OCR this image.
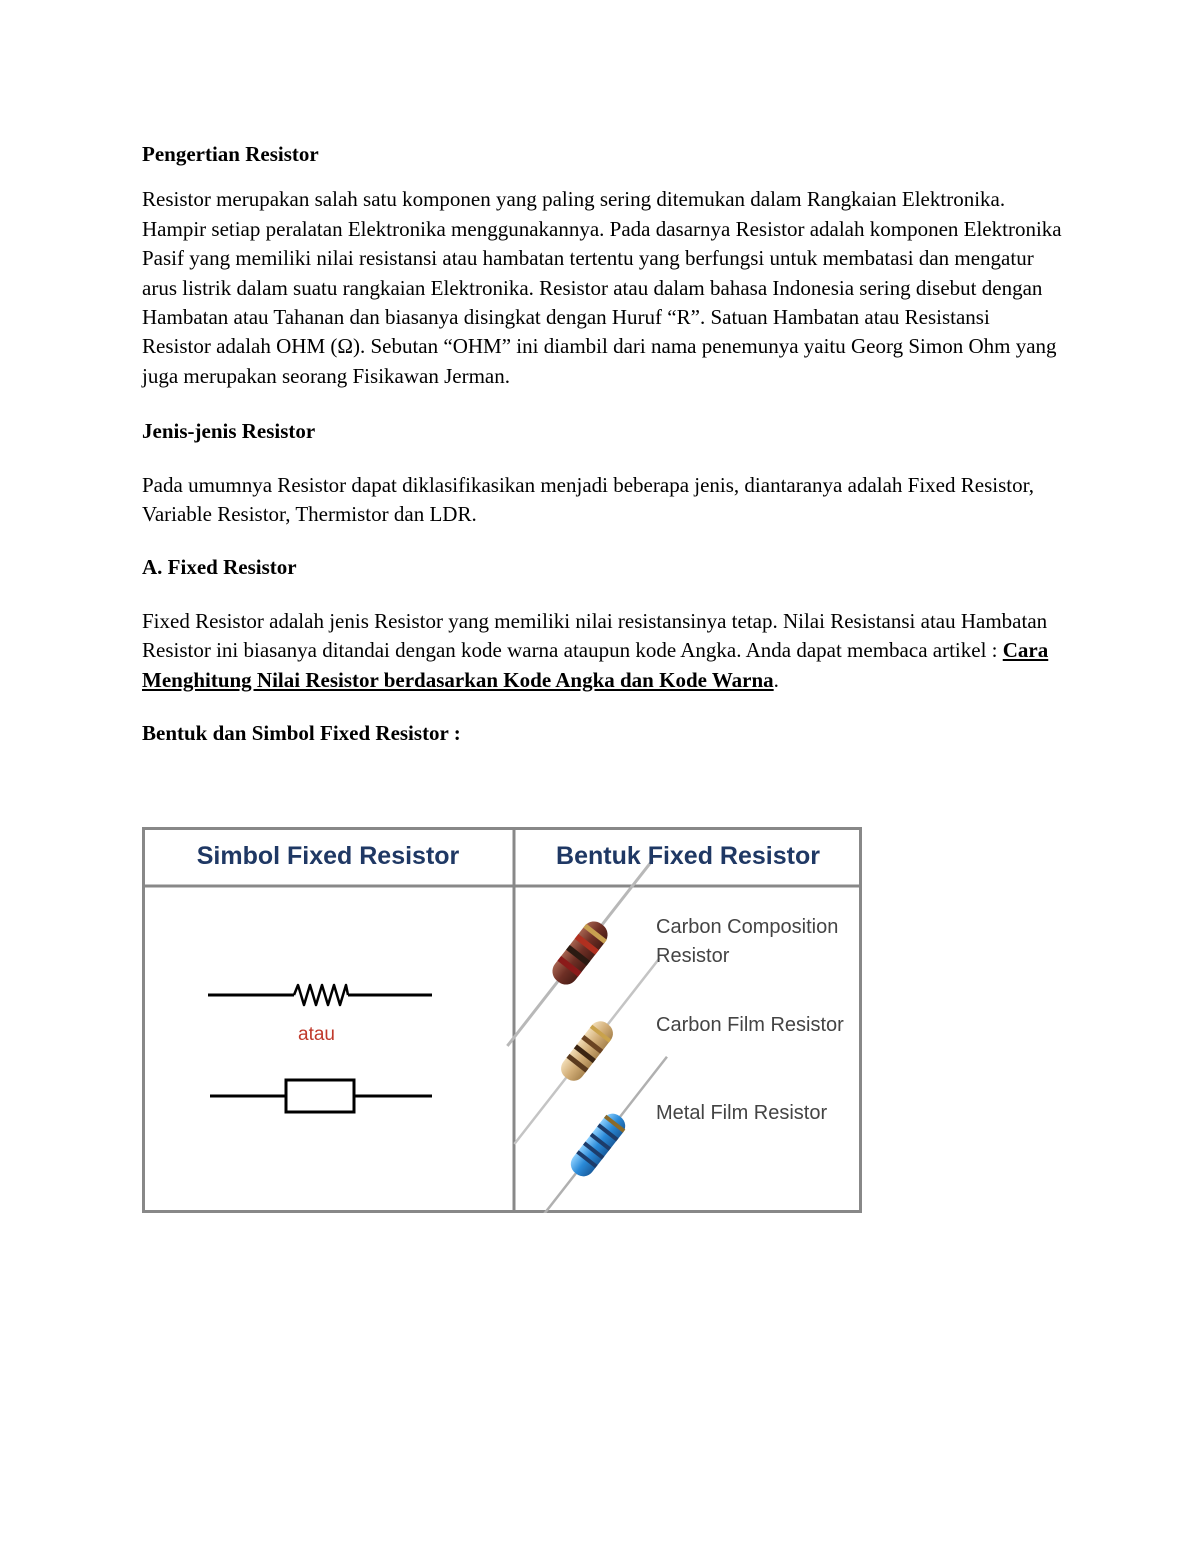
Pengertian Resistor

Resistor merupakan salah satu komponen yang paling sering ditemukan dalam Rangkaian Elektronika. Hampir setiap peralatan Elektronika menggunakannya. Pada dasarnya Resistor adalah komponen Elektronika Pasif yang memiliki nilai resistansi atau hambatan tertentu yang berfungsi untuk membatasi dan mengatur arus listrik dalam suatu rangkaian Elektronika. Resistor atau dalam bahasa Indonesia sering disebut dengan Hambatan atau Tahanan dan biasanya disingkat dengan Huruf “R”. Satuan Hambatan atau Resistansi Resistor adalah OHM (Ω). Sebutan “OHM” ini diambil dari nama penemunya yaitu Georg Simon Ohm yang juga merupakan seorang Fisikawan Jerman.

Jenis-jenis Resistor

Pada umumnya Resistor dapat diklasifikasikan menjadi beberapa jenis, diantaranya adalah Fixed Resistor, Variable Resistor, Thermistor dan LDR.

A. Fixed Resistor

Fixed Resistor adalah jenis Resistor yang memiliki nilai resistansinya tetap. Nilai Resistansi atau Hambatan Resistor ini biasanya ditandai dengan kode warna ataupun kode Angka. Anda dapat membaca artikel : Cara Menghitung Nilai Resistor berdasarkan Kode Angka dan Kode Warna.

Bentuk dan Simbol Fixed Resistor :

Simbol Fixed Resistor	Bentuk Fixed Resistor
atau
Carbon Composition
Resistor
Carbon Film Resistor
Metal Film Resistor
